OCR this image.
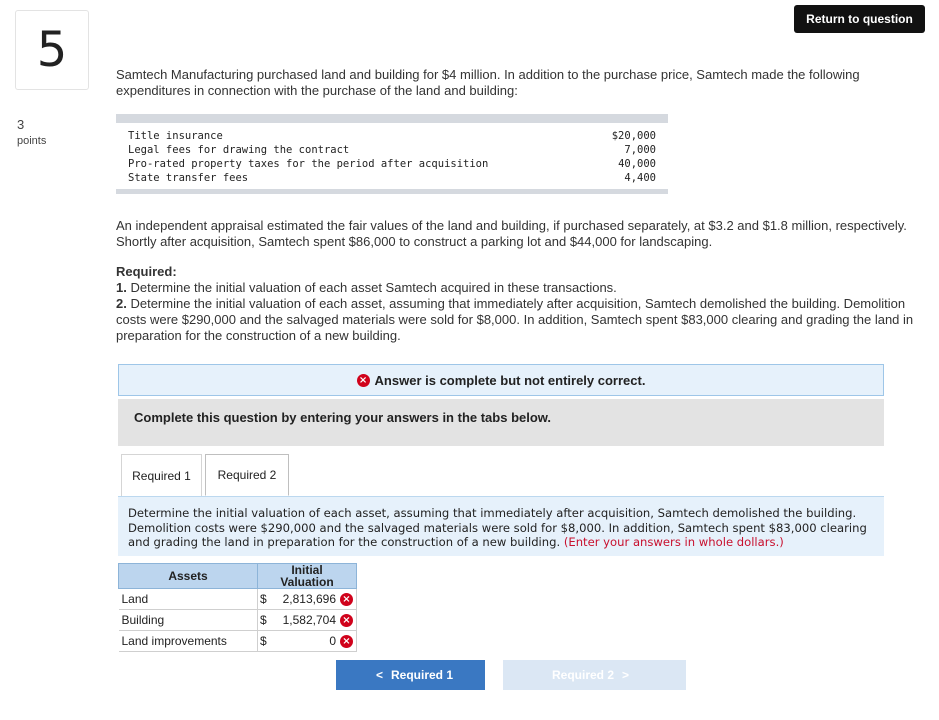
5
3
points
Return to question
Samtech Manufacturing purchased land and building for $4 million. In addition to the purchase price, Samtech made the following expenditures in connection with the purchase of the land and building:
Title insurance	$20,000
Legal fees for drawing the contract	7,000
Pro-rated property taxes for the period after acquisition	40,000
State transfer fees	4,400
An independent appraisal estimated the fair values of the land and building, if purchased separately, at $3.2 and $1.8 million, respectively. Shortly after acquisition, Samtech spent $86,000 to construct a parking lot and $44,000 for landscaping.
Required:
1. Determine the initial valuation of each asset Samtech acquired in these transactions.
2. Determine the initial valuation of each asset, assuming that immediately after acquisition, Samtech demolished the building. Demolition costs were $290,000 and the salvaged materials were sold for $8,000. In addition, Samtech spent $83,000 clearing and grading the land in preparation for the construction of a new building.
× Answer is complete but not entirely correct.
Complete this question by entering your answers in the tabs below.
Required 1	Required 2
Determine the initial valuation of each asset, assuming that immediately after acquisition, Samtech demolished the building. Demolition costs were $290,000 and the salvaged materials were sold for $8,000. In addition, Samtech spent $83,000 clearing and grading the land in preparation for the construction of a new building. (Enter your answers in whole dollars.)
Assets	Initial
Valuation

Land	$ 2,813,696 ×

Building	$ 1,582,704 ×

Land improvements	$ 0 ×
< Required 1	Required 2 >
